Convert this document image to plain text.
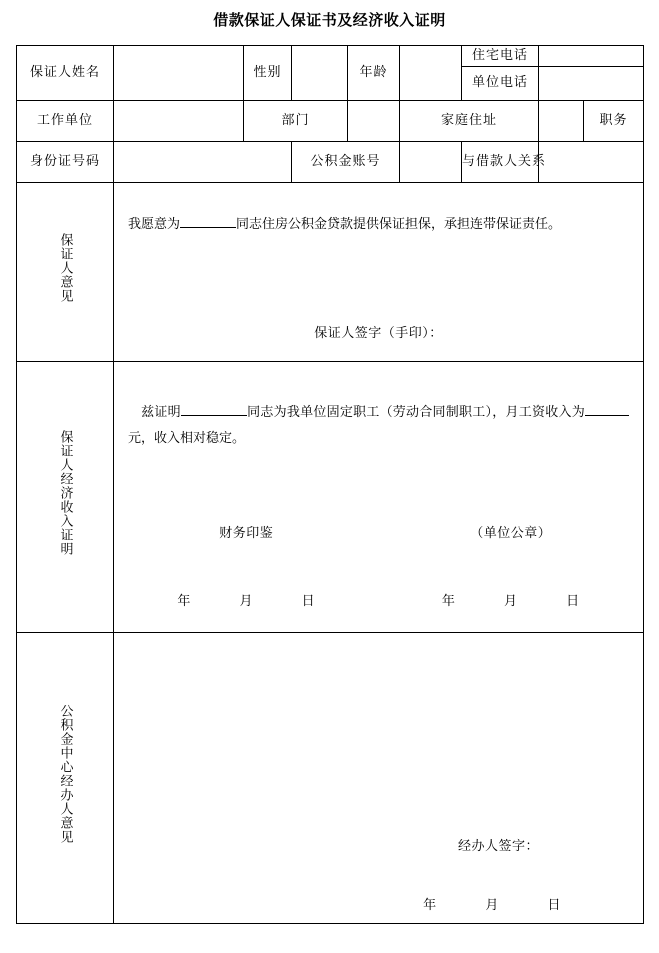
借款保证人保证书及经济收入证明
保证人姓名		性别		年龄		住宅电话			
						单位电话			
工作单位		部门			家庭住址			职务	
身份证号码			公积金账号			与借款人关系			
保证人意见	我愿意为 同志住房公积金贷款提供保证担保，承担连带保证责任。
保证人签字（手印）：								

保证人经济收入证明	兹证明 同志为我单位固定职工（劳动合同制职工），月工资收入为元，收入相对稳定。
财务印鉴 （单位公章）
年 月 日 年 月 日								

公积金中心经办人意见	经办人签字：
年 月 日								
